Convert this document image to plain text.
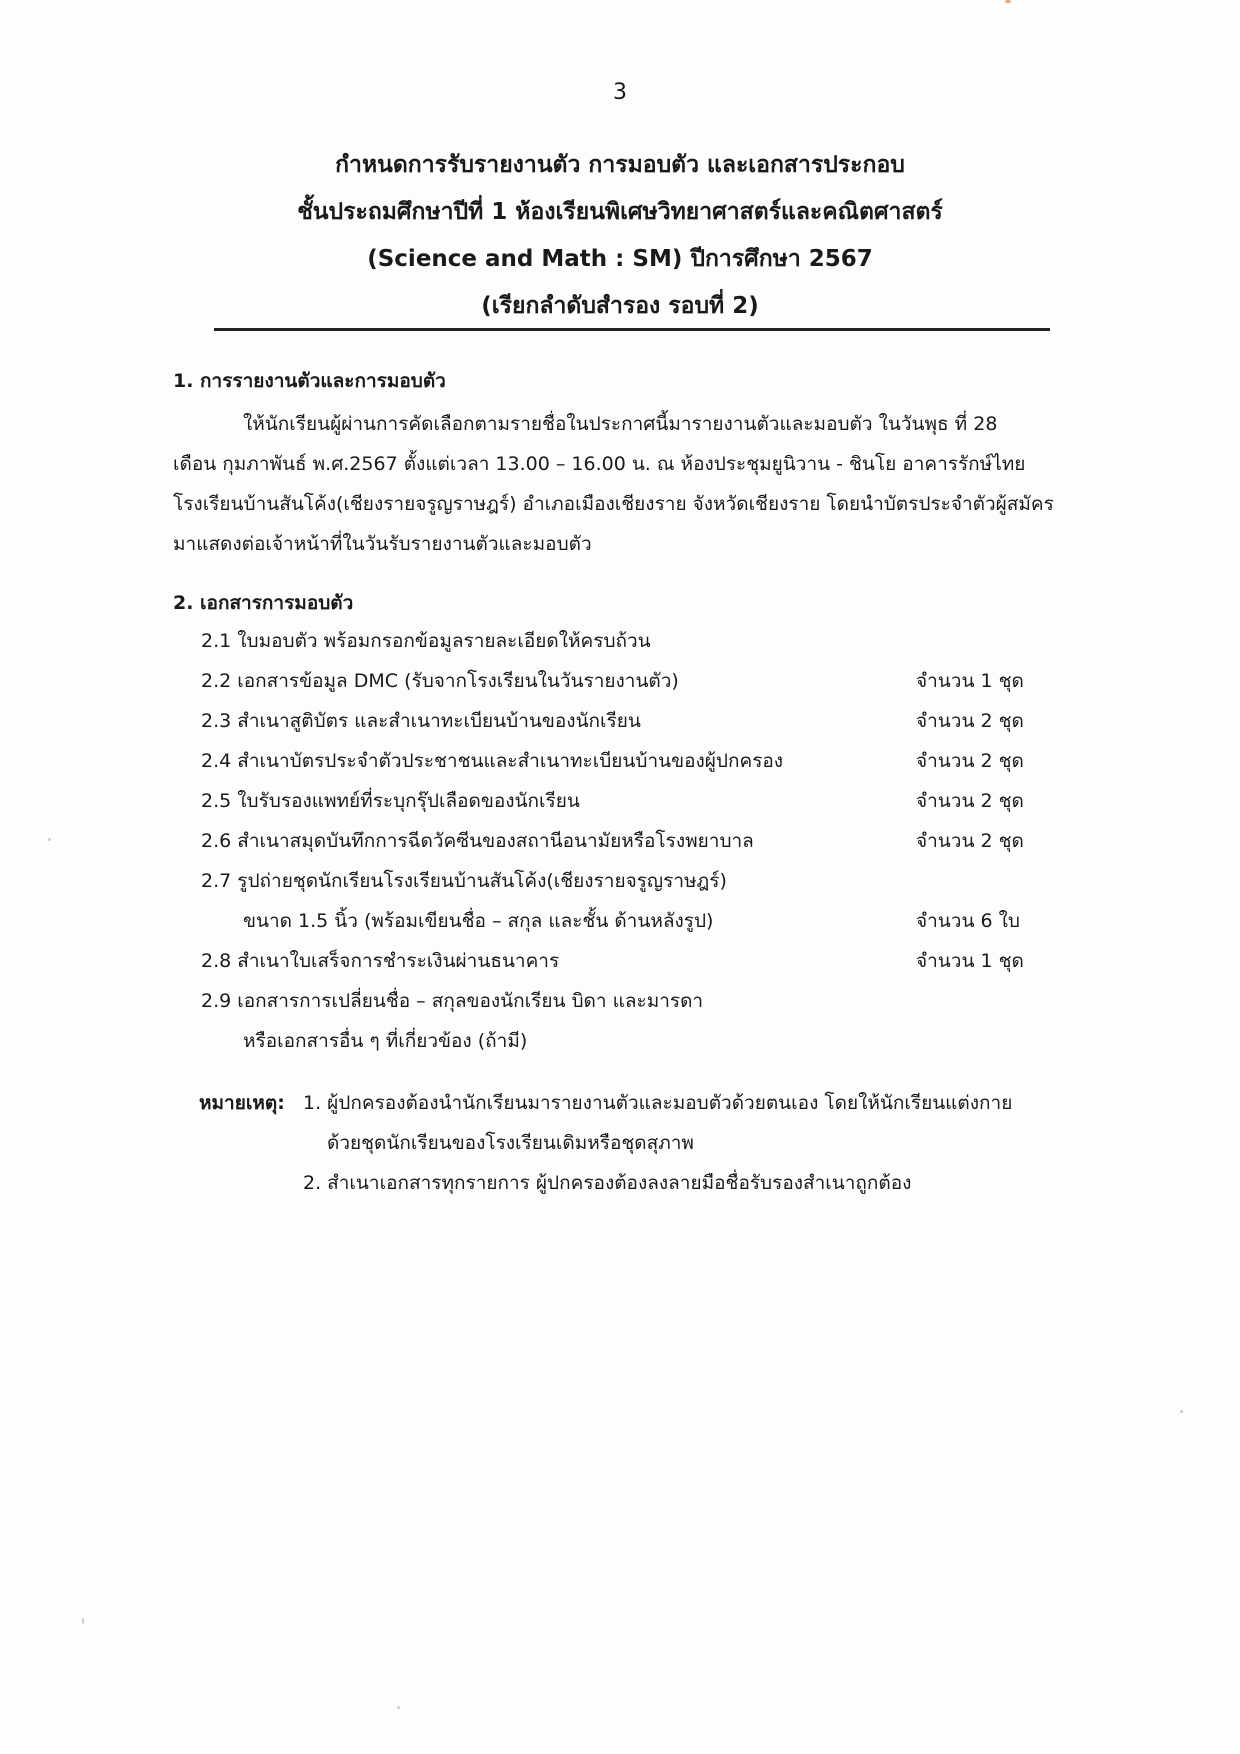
3
กำหนดการรับรายงานตัว การมอบตัว และเอกสารประกอบ
ชั้นประถมศึกษาปีที่ 1 ห้องเรียนพิเศษวิทยาศาสตร์และคณิตศาสตร์
(Science and Math : SM) ปีการศึกษา 2567
(เรียกลำดับสำรอง รอบที่ 2)
1. การรายงานตัวและการมอบตัว
ให้นักเรียนผู้ผ่านการคัดเลือกตามรายชื่อในประกาศนี้มารายงานตัวและมอบตัว ในวันพุธ ที่ 28
เดือน กุมภาพันธ์ พ.ศ.2567 ตั้งแต่เวลา 13.00 – 16.00 น. ณ ห้องประชุมยูนิวาน - ชินโย อาคารรักษ์ไทย
โรงเรียนบ้านสันโค้ง(เชียงรายจรูญราษฎร์) อำเภอเมืองเชียงราย จังหวัดเชียงราย โดยนำบัตรประจำตัวผู้สมัคร
มาแสดงต่อเจ้าหน้าที่ในวันรับรายงานตัวและมอบตัว
2. เอกสารการมอบตัว
2.1 ใบมอบตัว พร้อมกรอกข้อมูลรายละเอียดให้ครบถ้วน
2.2 เอกสารข้อมูล DMC (รับจากโรงเรียนในวันรายงานตัว)	จำนวน 1 ชุด
2.3 สำเนาสูติบัตร และสำเนาทะเบียนบ้านของนักเรียน	จำนวน 2 ชุด
2.4 สำเนาบัตรประจำตัวประชาชนและสำเนาทะเบียนบ้านของผู้ปกครอง	จำนวน 2 ชุด
2.5 ใบรับรองแพทย์ที่ระบุกรุ๊ปเลือดของนักเรียน	จำนวน 2 ชุด
2.6 สำเนาสมุดบันทึกการฉีดวัคซีนของสถานีอนามัยหรือโรงพยาบาล	จำนวน 2 ชุด
2.7 รูปถ่ายชุดนักเรียนโรงเรียนบ้านสันโค้ง(เชียงรายจรูญราษฎร์)
ขนาด 1.5 นิ้ว (พร้อมเขียนชื่อ – สกุล และชั้น ด้านหลังรูป)	จำนวน 6 ใบ
2.8 สำเนาใบเสร็จการชำระเงินผ่านธนาคาร	จำนวน 1 ชุด
2.9 เอกสารการเปลี่ยนชื่อ – สกุลของนักเรียน บิดา และมารดา
หรือเอกสารอื่น ๆ ที่เกี่ยวข้อง (ถ้ามี)
หมายเหตุ: 1. ผู้ปกครองต้องนำนักเรียนมารายงานตัวและมอบตัวด้วยตนเอง โดยให้นักเรียนแต่งกาย
ด้วยชุดนักเรียนของโรงเรียนเดิมหรือชุดสุภาพ
2. สำเนาเอกสารทุกรายการ ผู้ปกครองต้องลงลายมือชื่อรับรองสำเนาถูกต้อง
